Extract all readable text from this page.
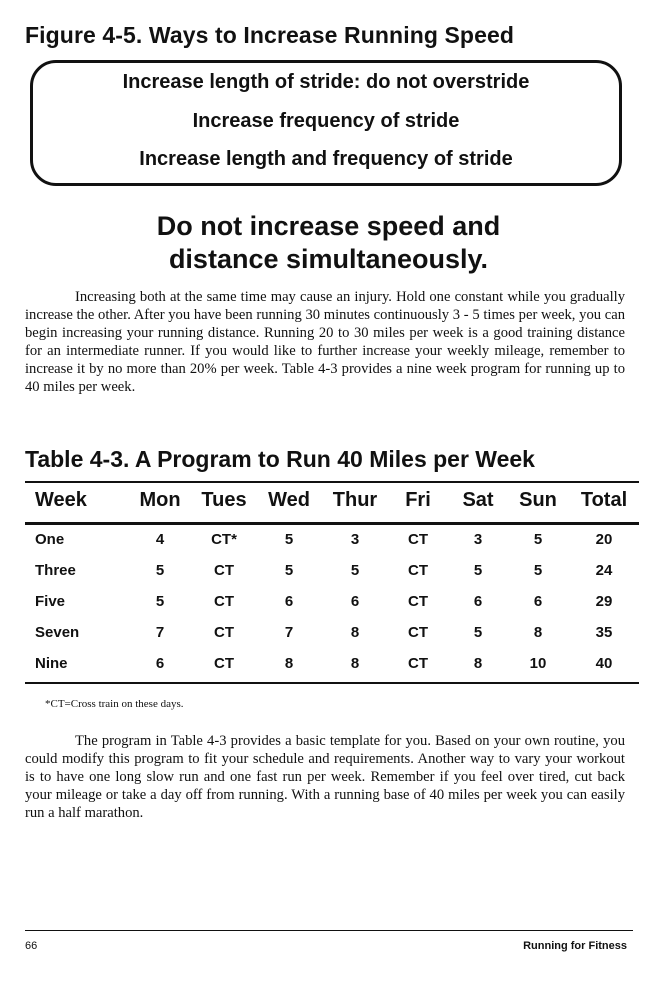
Figure 4-5. Ways to Increase Running Speed
Increase length of stride: do not overstride
Increase frequency of stride
Increase length and frequency of stride
Do not increase speed and
distance simultaneously.

Increasing both at the same time may cause an injury. Hold one constant while you gradually increase the other. After you have been running 30 minutes continuously 3 - 5 times per week, you can begin increasing your running distance. Running 20 to 30 miles per week is a good training distance for an intermediate runner. If you would like to further increase your weekly mileage, remember to increase it by no more than 20% per week. Table 4-3 provides a nine week program for running up to 40 miles per week.

Table 4-3. A Program to Run 40 Miles per Week
Week	Mon Tues Wed Thur Fri Sat Sun Total
One	4	CT*	5	3	CT	3	5	20
Three	5	CT	5	5	CT	5	5	24
Five	5	CT	6	6	CT	6	6	29
Seven	7	CT	7	8	CT	5	8	35
Nine	6	CT	8	8	CT	8	10	40

*CT=Cross train on these days.

The program in Table 4-3 provides a basic template for you. Based on your own routine, you could modify this program to fit your schedule and requirements. Another way to vary your workout is to have one long slow run and one fast run per week. Remember if you feel over tired, cut back your mileage or take a day off from running. With a running base of 40 miles per week you can easily run a half marathon.

66	Running for Fitness
